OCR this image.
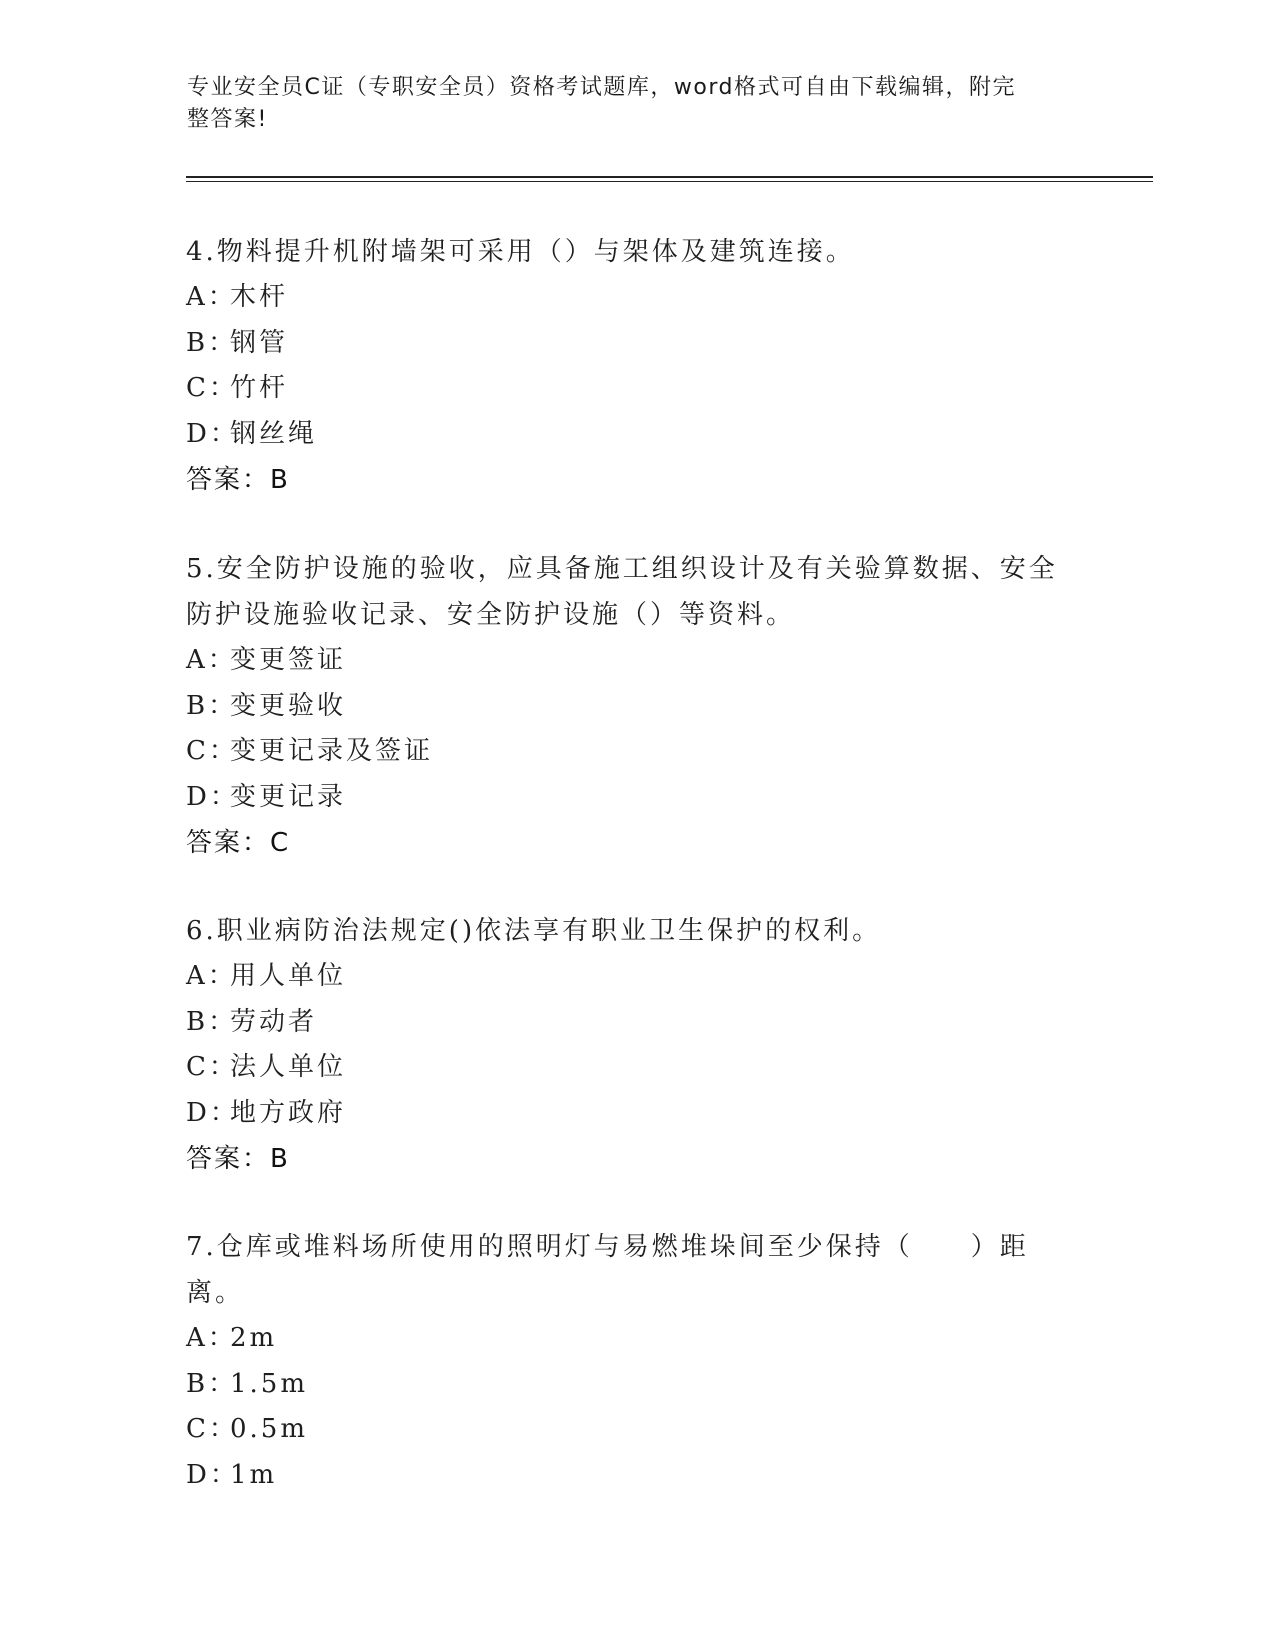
专业安全员C证（专职安全员）资格考试题库，word格式可自由下载编辑，附完
整答案!

4.物料提升机附墙架可采用（）与架体及建筑连接。

A：木杆

B：钢管

C：竹杆

D：钢丝绳

答案：B

5.安全防护设施的验收，应具备施工组织设计及有关验算数据、安全

防护设施验收记录、安全防护设施（）等资料。

A：变更签证

B：变更验收

C：变更记录及签证

D：变更记录

答案：C

6.职业病防治法规定()依法享有职业卫生保护的权利。

A：用人单位

B：劳动者

C：法人单位

D：地方政府

答案：B

7.仓库或堆料场所使用的照明灯与易燃堆垛间至少保持（　　）距离。

A：2m

B：1.5m

C：0.5m

D：1m
